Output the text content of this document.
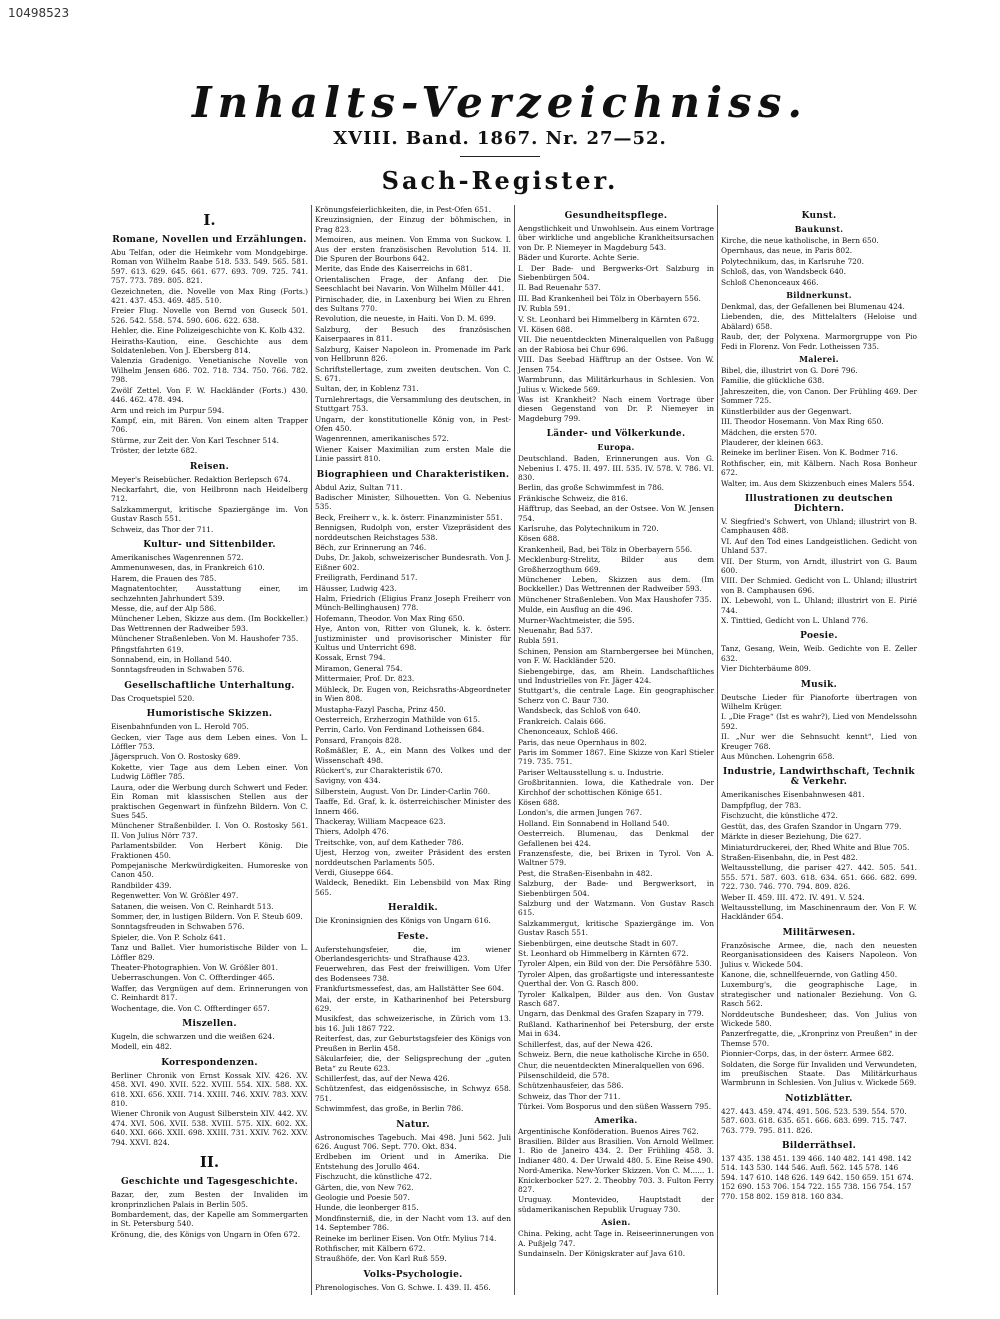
10498523
Inhalts-Verzeichniss.
XVIII. Band. 1867. Nr. 27—52.
Sach-Register.
I.
Romane, Novellen und Erzählungen.
Abu Telfan, oder die Heimkehr vom Mondgebirge. Roman von Wilhelm Raabe 518. 533. 549. 565. 581. 597. 613. 629. 645. 661. 677. 693. 709. 725. 741. 757. 773. 789. 805. 821.
Gezeichneten, die. Novelle von Max Ring (Forts.) 421. 437. 453. 469. 485. 510.
Freier Flug. Novelle von Bernd von Guseck 501. 526. 542. 558. 574. 590. 606. 622. 638.
Hehler, die. Eine Polizeigeschichte von K. Kolb 432.
Heiraths-Kaution, eine. Geschichte aus dem Soldatenleben. Von J. Ebersberg 814.
Valenzia Gradenigo. Venetianische Novelle von Wilhelm Jensen 686. 702. 718. 734. 750. 766. 782. 798.
Zwölf Zettel. Von F. W. Hackländer (Forts.) 430. 446. 462. 478. 494.
Arm und reich im Purpur 594.
Kampf, ein, mit Bären. Von einem alten Trapper 706.
Stürme, zur Zeit der. Von Karl Teschner 514.
Tröster, der letzte 682.
Reisen.
Meyer's Reisebücher. Redaktion Berlepsch 674.
Neckarfahrt, die, von Heilbronn nach Heidelberg 712.
Salzkammergut, kritische Spaziergänge im. Von Gustav Rasch 551.
Schweiz, das Thor der 711.
Kultur- und Sittenbilder.
Amerikanisches Wagenrennen 572.
Ammenunwesen, das, in Frankreich 610.
Harem, die Frauen des 785.
Magnatentochter, Ausstattung einer, im sechzehnten Jahrhundert 539.
Messe, die, auf der Alp 586.
Münchener Leben, Skizze aus dem. (Im Bockkeller.) Das Wettrennen der Radweiber 593.
Münchener Straßenleben. Von M. Haushofer 735.
Pfingstfahrten 619.
Sonnabend, ein, in Holland 540.
Sonntagsfreuden in Schwaben 576.
Gesellschaftliche Unterhaltung.
Das Croquetspiel 520.
Humoristische Skizzen.
Eisenbahnfunden von L. Herold 705.
Gecken, vier Tage aus dem Leben eines. Von L. Löffler 753.
Jägerspruch. Von O. Rostosky 689.
Kokette, vier Tage aus dem Leben einer. Von Ludwig Löffler 785.
Laura, oder die Werbung durch Schwert und Feder. Ein Roman mit klassischen Stellen aus der praktischen Gegenwart in fünfzehn Bildern. Von C. Sues 545.
Münchener Straßenbilder. I. Von O. Rostosky 561. II. Von Julius Nörr 737.
Parlamentsbilder. Von Herbert König. Die Fraktionen 450.
Pompejanische Merkwürdigkeiten. Humoreske von Canon 450.
Randbilder 439.
Regenwetter. Von W. Größler 497.
Satanen, die weisen. Von C. Reinhardt 513.
Sommer, der, in lustigen Bildern. Von F. Steub 609.
Sonntagsfreuden in Schwaben 576.
Spieler, die. Von P. Scholz 641.
Tanz und Ballet. Vier humoristische Bilder von L. Löffler 829.
Theater-Photographien. Von W. Größler 801.
Ueberraschungen. Von C. Offterdinger 465.
Waffer, das Vergnügen auf dem. Erinnerungen von C. Reinhardt 817.
Wochentage, die. Von C. Offterdinger 657.
Miszellen.
Kugeln, die schwarzen und die weißen 624.
Modell, ein 482.
Korrespondenzen.
Berliner Chronik von Ernst Kossak XIV. 426. XV. 458. XVI. 490. XVII. 522. XVIII. 554. XIX. 588. XX. 618. XXI. 656. XXII. 714. XXIII. 746. XXIV. 783. XXV. 810.
Wiener Chronik von August Silberstein XIV. 442. XV. 474. XVI. 506. XVII. 538. XVIII. 575. XIX. 602. XX. 640. XXI. 666. XXII. 698. XXIII. 731. XXIV. 762. XXV. 794. XXVI. 824.
II.
Geschichte und Tagesgeschichte.
Bazar, der, zum Besten der Invaliden im kronprinzlichen Palais in Berlin 505.
Bombardement, das, der Kapelle am Sommergarten in St. Petersburg 540.
Krönung, die, des Königs von Ungarn in Ofen 672.
Krönungsfeierlichkeiten, die, in Pest-Ofen 651.
Kreuzinsignien, der Einzug der böhmischen, in Prag 823.
Memoiren, aus meinen. Von Emma von Suckow. I. Aus der ersten französischen Revolution 514. II. Die Spuren der Bourbons 642.
Merite, das Ende des Kaiserreichs in 681.
Orientalischen Frage, der Anfang der. Die Seeschlacht bei Navarin. Von Wilhelm Müller 441.
Pirnischader, die, in Laxenburg bei Wien zu Ehren des Sultans 770.
Revolution, die neueste, in Haiti. Von D. M. 699.
Salzburg, der Besuch des französischen Kaiserpaares in 811.
Salzburg, Kaiser Napoleon in. Promenade im Park von Hellbrunn 826.
Schriftstellertage, zum zweiten deutschen. Von C. S. 671.
Sultan, der, in Koblenz 731.
Turnlehrertags, die Versammlung des deutschen, in Stuttgart 753.
Ungarn, der konstitutionelle König von, in Pest-Ofen 450.
Wagenrennen, amerikanisches 572.
Wiener Kaiser Maximilian zum ersten Male die Linie passirt 810.
Biographieen und Charakteristiken.
Abdul Aziz, Sultan 711.
Badischer Minister, Silhouetten. Von G. Nebenius 535.
Beck, Freiherr v., k. k. österr. Finanzminister 551.
Bennigsen, Rudolph von, erster Vizepräsident des norddeutschen Reichstages 538.
Bëch, zur Erinnerung an 746.
Dubs, Dr. Jakob, schweizerischer Bundesrath. Von J. Eißner 602.
Freiligrath, Ferdinand 517.
Häusser, Ludwig 423.
Halm, Friedrich (Eligius Franz Joseph Freiherr von Münch-Bellinghausen) 778.
Hofemann, Theodor. Von Max Ring 650.
Hye, Anton von, Ritter von Glunek, k. k. österr. Justizminister und provisorischer Minister für Kultus und Unterricht 698.
Kossak, Ernst 794.
Miramon, General 754.
Mittermaier, Prof. Dr. 823.
Mühleck, Dr. Eugen von, Reichsraths-Abgeordneter in Wien 808.
Mustapha-Fazyl Pascha, Prinz 450.
Oesterreich, Erzherzogin Mathilde von 615.
Perrin, Carlo. Von Ferdinand Lotheissen 684.
Ponsard, François 828.
Roßmäßler, E. A., ein Mann des Volkes und der Wissenschaft 498.
Rückert's, zur Charakteristik 670.
Savigny, von 434.
Silberstein, August. Von Dr. Linder-Carlin 760.
Taaffe, Ed. Graf, k. k. österreichischer Minister des Innern 466.
Thackeray, William Macpeace 623.
Thiers, Adolph 476.
Treitschke, von, auf dem Katheder 786.
Ujest, Herzog von, zweiter Präsident des ersten norddeutschen Parlaments 505.
Verdi, Giuseppe 664.
Waldeck, Benedikt. Ein Lebensbild von Max Ring 565.
Heraldik.
Die Kroninsignien des Königs von Ungarn 616.
Feste.
Auferstehungsfeier, die, im wiener Oberlandesgerichts- und Strafhause 423.
Feuerwehren, das Fest der freiwilligen. Vom Ufer des Bodensees 738.
Frankfurtsmessefest, das, am Hallstätter See 604.
Mai, der erste, in Katharinenhof bei Petersburg 629.
Musikfest, das schweizerische, in Zürich vom 13. bis 16. Juli 1867 722.
Reiterfest, das, zur Geburtstagsfeier des Königs von Preußen in Berlin 458.
Säkularfeier, die, der Seligsprechung der „guten Beta“ zu Reute 623.
Schillerfest, das, auf der Newa 426.
Schützenfest, das eidgenössische, in Schwyz 658. 751.
Schwimmfest, das große, in Berlin 786.
Natur.
Astronomisches Tagebuch. Mai 498. Juni 562. Juli 626. August 706. Sept. 770. Okt. 834.
Erdbeben im Orient und in Amerika. Die Entstehung des Jorullo 464.
Fischzucht, die künstliche 472.
Gärten, die, von New 762.
Geologie und Poesie 507.
Hunde, die leonberger 815.
Mondfinsterniß, die, in der Nacht vom 13. auf den 14. September 786.
Reineke im berliner Eisen. Von Otfr. Mylius 714.
Rothfischer, mit Kälbern 672.
Straußhöfe, der. Von Karl Ruß 559.
Volks-Psychologie.
Phrenologisches. Von G. Schwe. I. 439. II. 456.
Gesundheitspflege.
Aengstlichkeit und Unwohlsein. Aus einem Vortrage über wirkliche und angebliche Krankheitsursachen von Dr. P. Niemeyer in Magdeburg 543.
Bäder und Kurorte. Achte Serie.
I. Der Bade- und Bergwerks-Ort Salzburg in Siebenbürgen 504.
II. Bad Reuenahr 537.
III. Bad Krankenheil bei Tölz in Oberbayern 556.
IV. Rubla 591.
V. St. Leonhard bei Himmelberg in Kärnten 672.
VI. Kösen 688.
VII. Die neuentdeckten Mineralquellen von Paßugg an der Rabiosa bei Chur 696.
VIII. Das Seebad Häfftrup an der Ostsee. Von W. Jensen 754.
Warmbrunn, das Militärkurhaus in Schlesien. Von Julius v. Wickede 569.
Was ist Krankheit? Nach einem Vortrage über diesen Gegenstand von Dr. P. Niemeyer in Magdeburg 799.
Länder- und Völkerkunde.
Europa.
Deutschland. Baden, Erinnerungen aus. Von G. Nebenius I. 475. II. 497. III. 535. IV. 578. V. 786. VI. 830.
Berlin, das große Schwimmfest in 786.
Fränkische Schweiz, die 816.
Häfftrup, das Seebad, an der Ostsee. Von W. Jensen 754.
Karlsruhe, das Polytechnikum in 720.
Kösen 688.
Krankenheil, Bad, bei Tölz in Oberbayern 556.
Mecklenburg-Strelitz, Bilder aus dem Großherzogthum 669.
Münchener Leben, Skizzen aus dem. (Im Bockkeller.) Das Wettrennen der Radweiber 593.
Münchener Straßenleben. Von Max Haushofer 735.
Mulde, ein Ausflug an die 496.
Murner-Wachtmeister, die 595.
Neuenahr, Bad 537.
Rubla 591.
Schinen, Pension am Starnbergersee bei München, von F. W. Hackländer 520.
Siebengebirge, das, am Rhein. Landschaftliches und Industrielles von Fr. Jäger 424.
Stuttgart's, die centrale Lage. Ein geographischer Scherz von C. Baur 730.
Wandsbeck, das Schloß von 640.
Frankreich. Calais 666.
Chenonceaux, Schloß 466.
Paris, das neue Opernhaus in 802.
Paris im Sommer 1867. Eine Skizze von Karl Stieler 719. 735. 751.
Pariser Weltausstellung s. u. Industrie.
Großbritannien. Iowa, die Kathedrale von. Der Kirchhof der schottischen Könige 651.
Kösen 688.
London's, die armen Jungen 767.
Holland. Ein Sonnabend in Holland 540.
Oesterreich. Blumenau, das Denkmal der Gefallenen bei 424.
Franzensfeste, die, bei Brixen in Tyrol. Von A. Waltner 579.
Pest, die Straßen-Eisenbahn in 482.
Salzburg, der Bade- und Bergwerksort, in Siebenbürgen 504.
Salzburg und der Watzmann. Von Gustav Rasch 615.
Salzkammergut, kritische Spaziergänge im. Von Gustav Rasch 551.
Siebenbürgen, eine deutsche Stadt in 607.
St. Leonhard ob Himmelberg in Kärnten 672.
Tyroler Alpen, ein Bild von der. Die Persöfähre 530.
Tyroler Alpen, das großartigste und interessanteste Querthal der. Von G. Rasch 800.
Tyroler Kalkalpen, Bilder aus den. Von Gustav Rasch 687.
Ungarn, das Denkmal des Grafen Szapary in 779.
Rußland. Katharinenhof bei Petersburg, der erste Mai in 634.
Schillerfest, das, auf der Newa 426.
Schweiz. Bern, die neue katholische Kirche in 650.
Chur, die neuentdeckten Mineralquellen von 696.
Pilsenschildeid, die 578.
Schützenhausfeier, das 586.
Schweiz, das Thor der 711.
Türkei. Vom Bosporus und den süßen Wassern 795.
Amerika.
Argentinische Konföderation. Buenos Aires 762.
Brasilien. Bilder aus Brasilien. Von Arnold Wellmer. 1. Rio de Janeiro 434. 2. Der Frühling 458. 3. Indianer 480. 4. Der Urwald 480. 5. Eine Reise 490.
Nord-Amerika. New-Yorker Skizzen. Von C. M...... 1. Knickerbocker 527. 2. Theobby 703. 3. Fulton Ferry 827.
Uruguay. Montevideo, Hauptstadt der südamerikanischen Republik Uruguay 730.
Asien.
China. Peking, acht Tage in. Reiseerinnerungen von A. Pußjelg 747.
Sundainseln. Der Königskrater auf Java 610.
Kunst.
Baukunst.
Kirche, die neue katholische, in Bern 650.
Opernhaus, das neue, in Paris 802.
Polytechnikum, das, in Karlsruhe 720.
Schloß, das, von Wandsbeck 640.
Schloß Chenonceaux 466.
Bildnerkunst.
Denkmal, das, der Gefallenen bei Blumenau 424.
Liebenden, die, des Mittelalters (Heloise und Abälard) 658.
Raub, der, der Polyxena. Marmorgruppe von Pio Fedi in Florenz. Von Fedr. Lotheissen 735.
Malerei.
Bibel, die, illustrirt von G. Doré 796.
Familie, die glückliche 638.
Jahreszeiten, die, von Canon. Der Frühling 469. Der Sommer 725.
Künstlerbilder aus der Gegenwart.
III. Theodor Hosemann. Von Max Ring 650.
Mädchen, die ersten 570.
Plauderer, der kleinen 663.
Reineke im berliner Eisen. Von K. Bodmer 716.
Rothfischer, ein, mit Kälbern. Nach Rosa Bonheur 672.
Walter, im. Aus dem Skizzenbuch eines Malers 554.
Illustrationen zu deutschen Dichtern.
V. Siegfried's Schwert, von Uhland; illustrirt von B. Camphausen 488.
VI. Auf den Tod eines Landgeistlichen. Gedicht von Uhland 537.
VII. Der Sturm, von Arndt, illustrirt von G. Baum 600.
VIII. Der Schmied. Gedicht von L. Uhland; illustrirt von B. Camphausen 696.
IX. Lebewohl, von L. Uhland; illustrirt von E. Pirié 744.
X. Tinttied, Gedicht von L. Uhland 776.
Poesie.
Tanz, Gesang, Wein, Weib. Gedichte von E. Zeller 632.
Vier Dichterbäume 809.
Musik.
Deutsche Lieder für Pianoforte übertragen von Wilhelm Krüger.
I. „Die Frage“ (Ist es wahr?), Lied von Mendelssohn 592.
II. „Nur wer die Sehnsucht kennt“, Lied von Kreuger 768.
Aus München. Lohengrin 658.
Industrie, Landwirthschaft, Technik & Verkehr.
Amerikanisches Eisenbahnwesen 481.
Dampfpflug, der 783.
Fischzucht, die künstliche 472.
Gestüt, das, des Grafen Szandor in Ungarn 779.
Märkte in dieser Beziehung, Die 627.
Miniaturdruckerei, der, Rhed White and Blue 705.
Straßen-Eisenbahn, die, in Pest 482.
Weltausstellung, die pariser 427. 442. 505. 541. 555. 571. 587. 603. 618. 634. 651. 666. 682. 699. 722. 730. 746. 770. 794. 809. 826.
Weber II. 459. III. 472. IV. 491. V. 524.
Weltausstellung, im Maschinenraum der. Von F. W. Hackländer 654.
Militärwesen.
Französische Armee, die, nach den neuesten Reorganisationsideen des Kaisers Napoleon. Von Julius v. Wickede 504.
Kanone, die, schnellfeuernde, von Gatling 450.
Luxemburg's, die geographische Lage, in strategischer und nationaler Beziehung. Von G. Rasch 562.
Norddeutsche Bundesheer, das. Von Julius von Wickede 580.
Panzerfregatte, die, „Kronprinz von Preußen“ in der Themse 570.
Pionnier-Corps, das, in der österr. Armee 682.
Soldaten, die Sorge für Invaliden und Verwundeten, im preußischen Staate. Das Militärkurhaus Warmbrunn in Schlesien. Von Julius v. Wickede 569.
Notizblätter.
427. 443. 459. 474. 491. 506. 523. 539. 554. 570. 587. 603. 618. 635. 651. 666. 683. 699. 715. 747. 763. 779. 795. 811. 826.
Bilderräthsel.
137 435. 138 451. 139 466. 140 482. 141 498. 142 514. 143 530. 144 546. Aufl. 562. 145 578. 146 594. 147 610. 148 626. 149 642. 150 659. 151 674. 152 690. 153 706. 154 722. 155 738. 156 754. 157 770. 158 802. 159 818. 160 834.
